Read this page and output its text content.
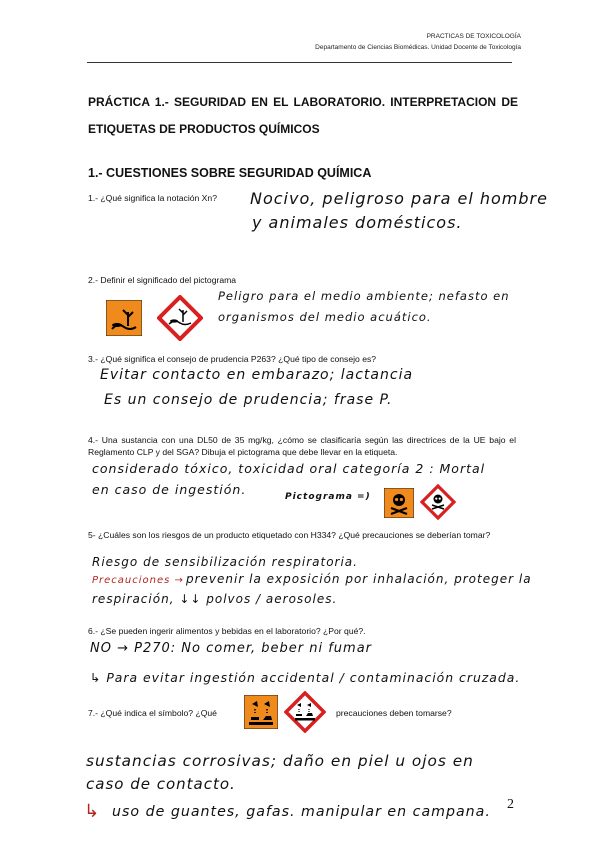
PRACTICAS DE TOXICOLOGÍA
Departamento de Ciencias Biomédicas. Unidad Docente de Toxicología
PRÁCTICA 1.- SEGURIDAD EN EL LABORATORIO. INTERPRETACION DE ETIQUETAS DE PRODUCTOS QUÍMICOS
1.- CUESTIONES SOBRE SEGURIDAD QUÍMICA
1.- ¿Qué significa la notación Xn?	Nocivo, peligroso para el hombre
y animales domésticos.
2.- Definir el significado del pictograma
Peligro para el medio ambiente; nefasto en
organismos del medio acuático.
3.- ¿Qué significa el consejo de prudencia P263? ¿Qué tipo de consejo es?
Evitar contacto en embarazo; lactancia
Es un consejo de prudencia; frase P.
4.- Una sustancia con una DL50 de 35 mg/kg, ¿cómo se clasificaría según las directrices de la UE bajo el Reglamento CLP y del SGA? Dibuja el pictograma que debe llevar en la etiqueta.
considerado tóxico, toxicidad oral categoría 2 : Mortal
en caso de ingestión.	Pictograma =)
5- ¿Cuáles son los riesgos de un producto etiquetado con H334? ¿Qué precauciones se deberían tomar?
Riesgo de sensibilización respiratoria.
Precauciones → prevenir la exposición por inhalación, proteger la
respiración, ↓↓ polvos / aerosoles.
6.- ¿Se pueden ingerir alimentos y bebidas en el laboratorio? ¿Por qué?.
NO → P270: No comer, beber ni fumar
↳ Para evitar ingestión accidental / contaminación cruzada.
7.- ¿Qué indica el símbolo? ¿Qué	precauciones deben tomarse?
sustancias corrosivas; daño en piel u ojos en
caso de contacto.
↳ uso de guantes, gafas. manipular en campana. 2
